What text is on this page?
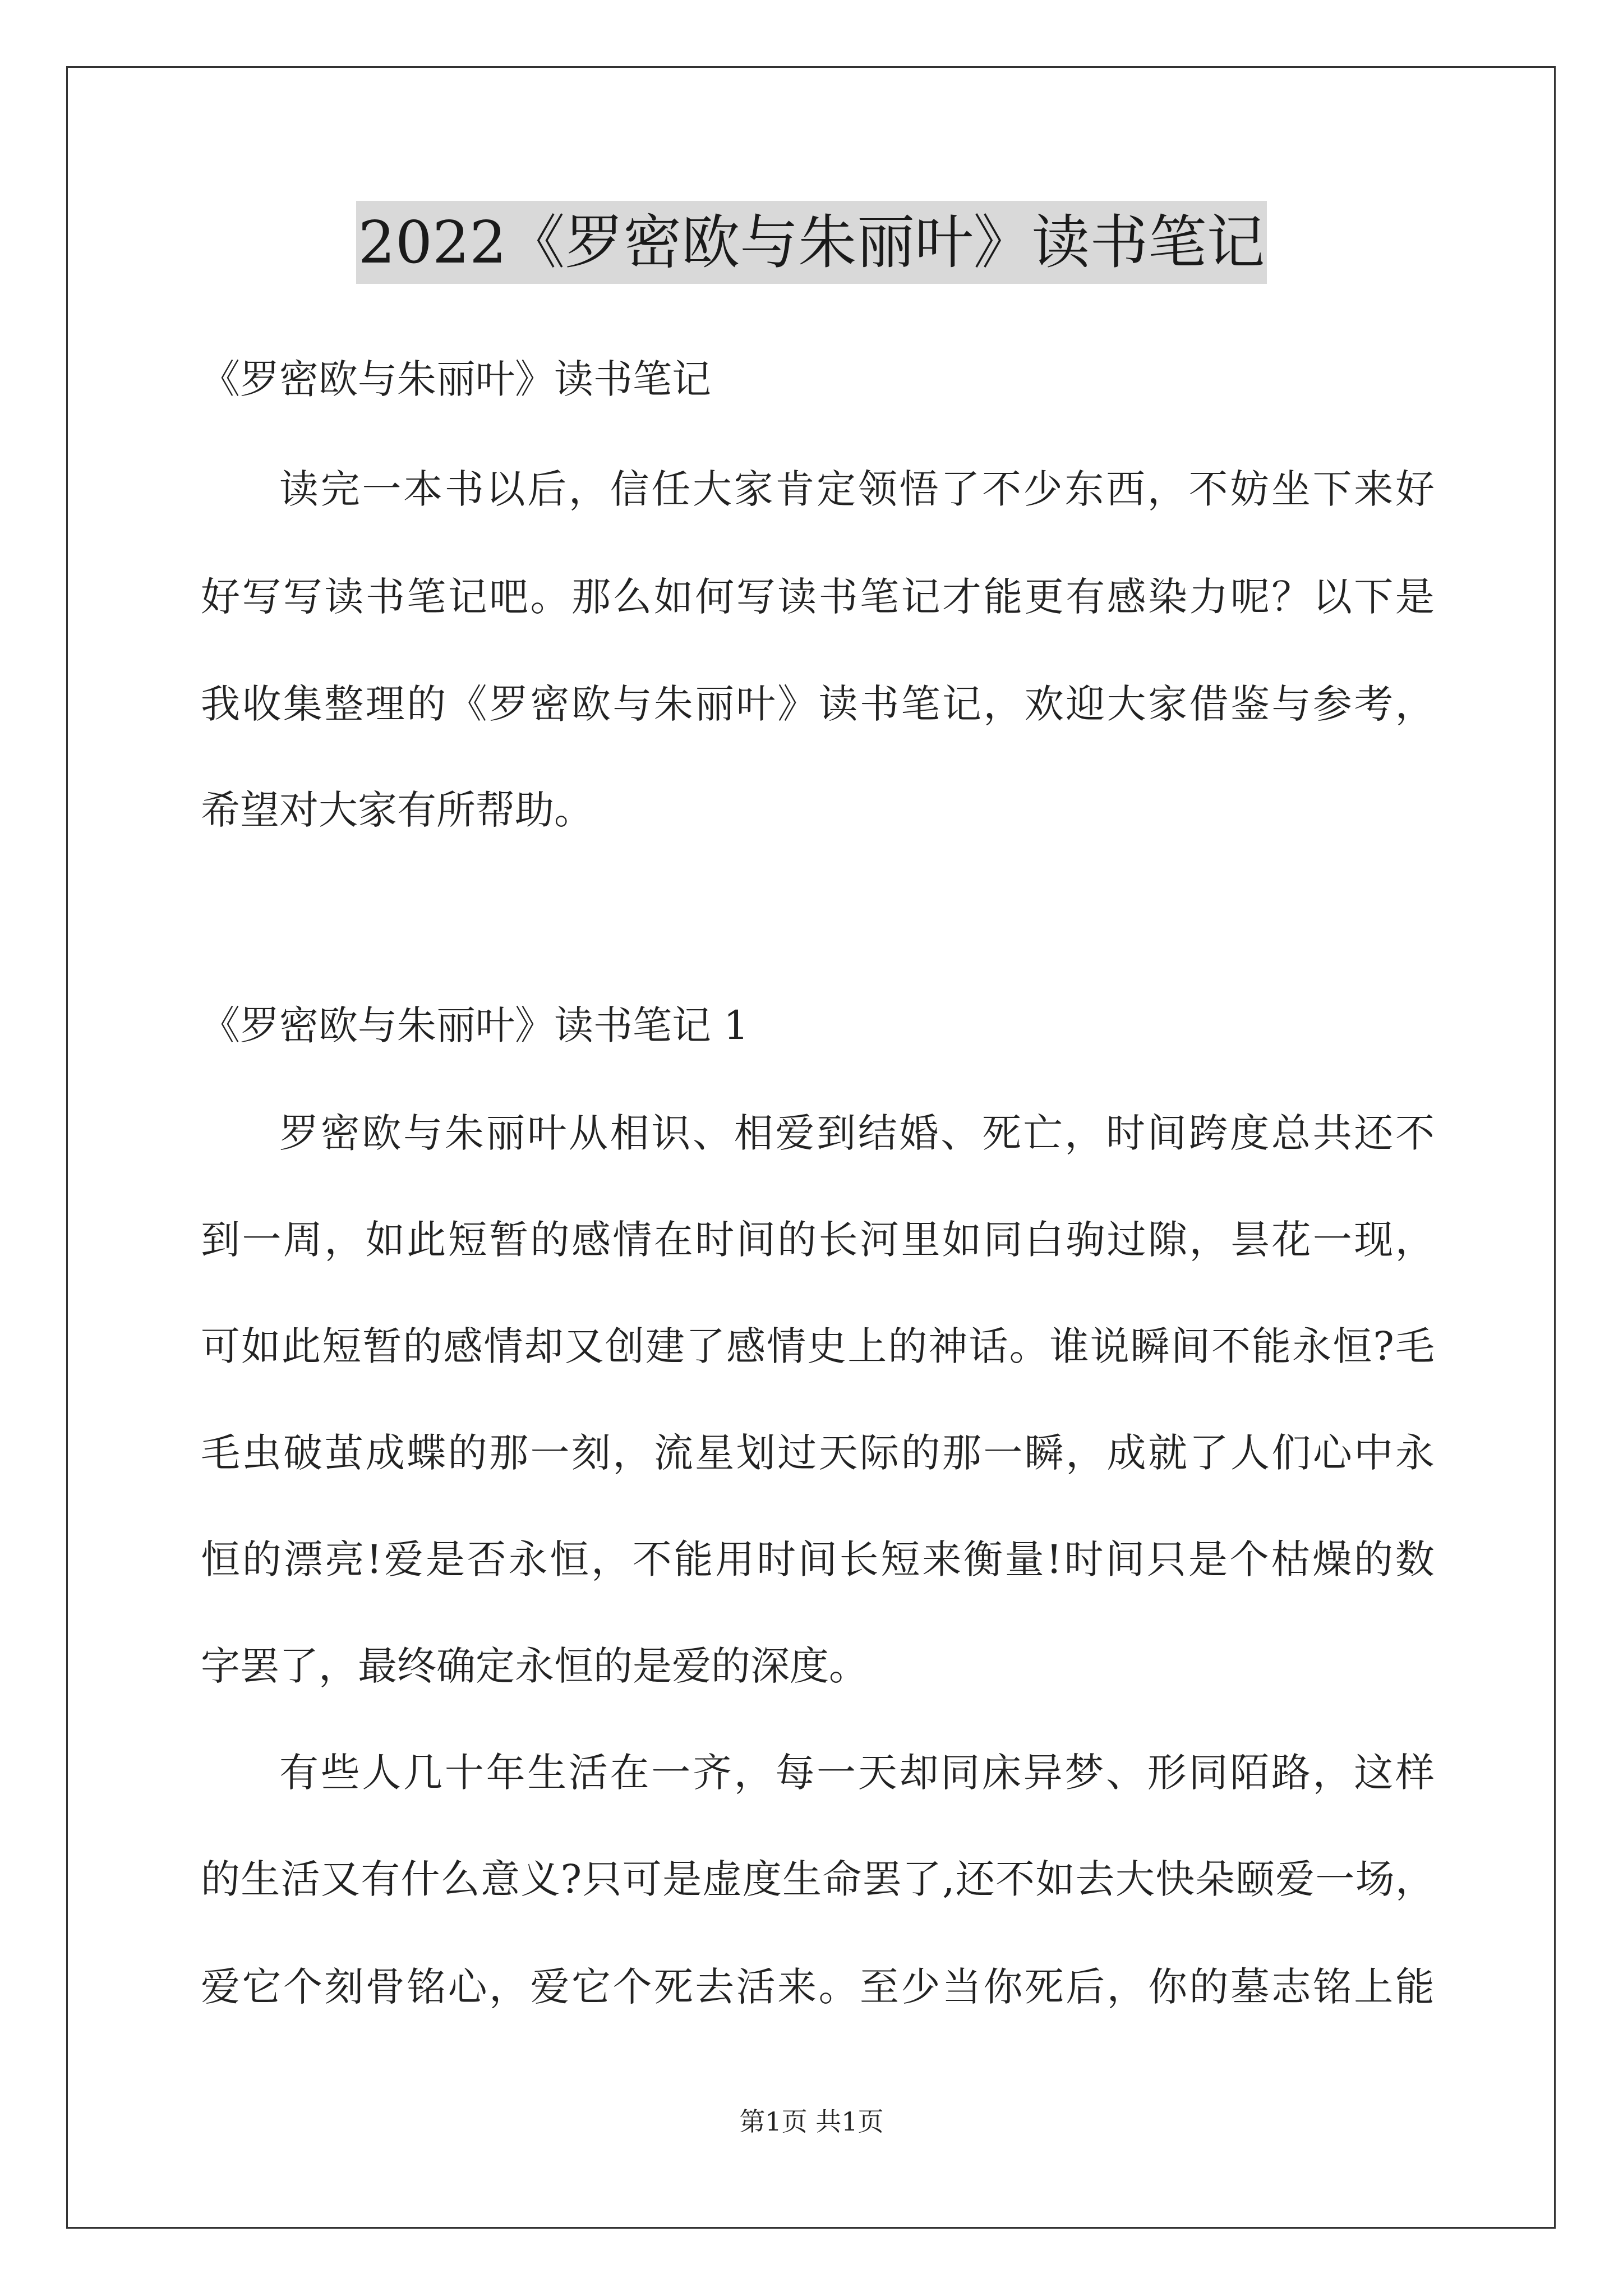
2022《罗密欧与朱丽叶》读书笔记
《罗密欧与朱丽叶》读书笔记
读 完 一 本 书 以 后 ， 信 任 大 家 肯 定 领 悟 了 不 少 东 西 ， 不 妨 坐 下 来 好
好 写 写 读 书 笔 记 吧 。 那 么 如 何 写 读 书 笔 记 才 能 更 有 感 染 力 呢 ？ 以 下 是
我 收 集 整 理 的 《 罗 密 欧 与 朱 丽 叶 》 读 书 笔 记 ， 欢 迎 大 家 借 鉴 与 参 考 ，
希望对大家有所帮助。
《罗密欧与朱丽叶》读书笔记 1
罗 密 欧 与 朱 丽 叶 从 相 识 、 相 爱 到 结 婚 、 死 亡 ， 时 间 跨 度 总 共 还 不
到 一 周 ， 如 此 短 暂 的 感 情 在 时 间 的 长 河 里 如 同 白 驹 过 隙 ， 昙 花 一 现 ，
可 如 此 短 暂 的 感 情 却 又 创 建 了 感 情 史 上 的 神 话 。 谁 说 瞬 间 不 能 永 恒 ? 毛
毛 虫 破 茧 成 蝶 的 那 一 刻 ， 流 星 划 过 天 际 的 那 一 瞬 ， 成 就 了 人 们 心 中 永
恒 的 漂 亮 ! 爱 是 否 永 恒 ， 不 能 用 时 间 长 短 来 衡 量 ! 时 间 只 是 个 枯 燥 的 数
字罢了，最终确定永恒的是爱的深度。
有 些 人 几 十 年 生 活 在 一 齐 ， 每 一 天 却 同 床 异 梦 、 形 同 陌 路 ， 这 样
的 生 活 又 有 什 么 意 义 ? 只 可 是 虚 度 生 命 罢 了 , 还 不 如 去 大 快 朵 颐 爱 一 场 ，
爱 它 个 刻 骨 铭 心 ， 爱 它 个 死 去 活 来 。 至 少 当 你 死 后 ， 你 的 墓 志 铭 上 能
第1页 共1页
